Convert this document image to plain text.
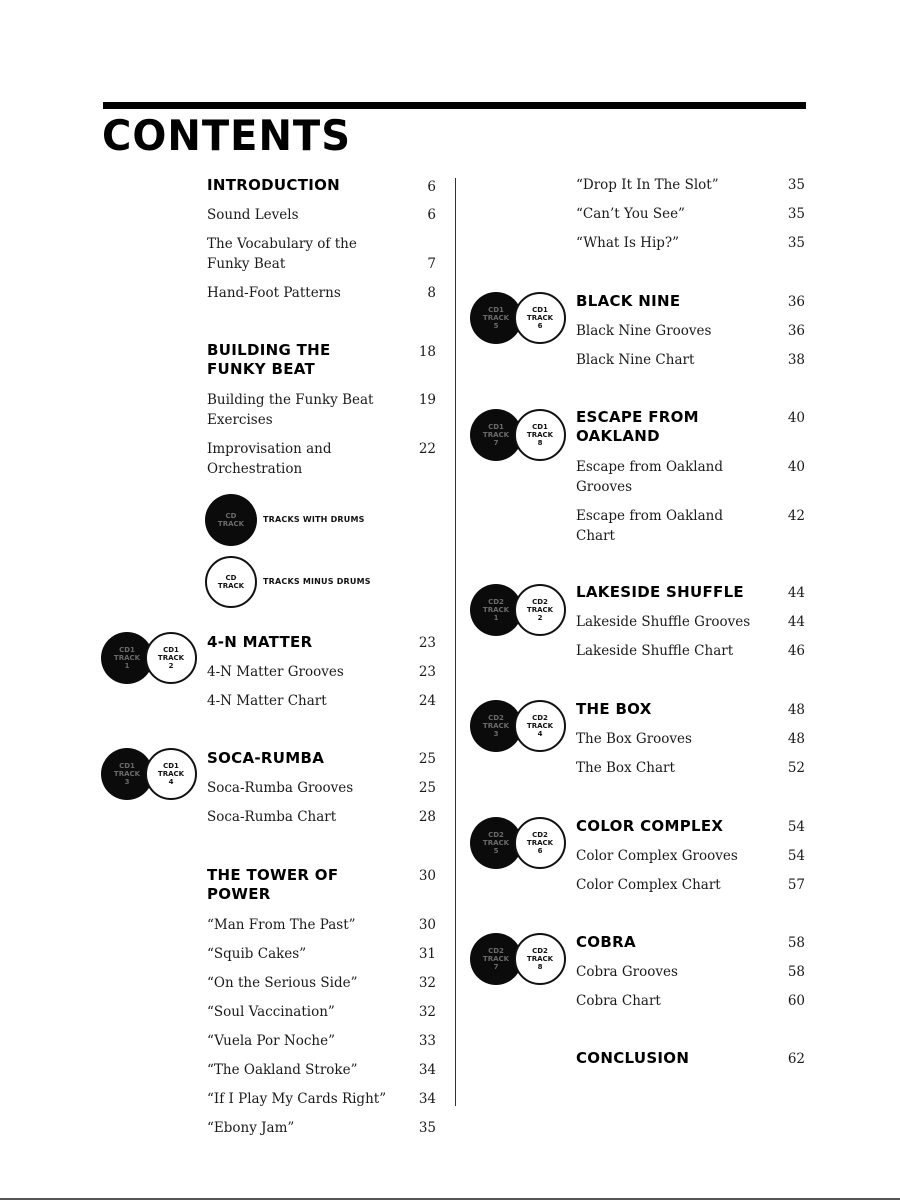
CONTENTS
INTRODUCTION	6
Sound Levels	6
The Vocabulary of the Funky Beat	7
Hand-Foot Patterns	8
BUILDING THE FUNKY BEAT
18
Building the Funky Beat Exercises
19
Improvisation and Orchestration
22
CD
TRACK	TRACKS WITH DRUMS
CD
TRACK	TRACKS MINUS DRUMS
CD1
TRACK
1
CD1
TRACK
2
4-N MATTER	23
4-N Matter Grooves	23
4-N Matter Chart	24
CD1
TRACK
3
CD1
TRACK
4
SOCA-RUMBA	25
Soca-Rumba Grooves	25
Soca-Rumba Chart	28
THE TOWER OF POWER
30
“Man From The Past”	30
“Squib Cakes”	31
“On the Serious Side”	32
“Soul Vaccination”	32
“Vuela Por Noche”	33
“The Oakland Stroke”	34
“If I Play My Cards Right”	34
“Ebony Jam”	35
“Drop It In The Slot”	35
“Can’t You See”	35
“What Is Hip?”	35
CD1
TRACK
5
CD1
TRACK
6
BLACK NINE	36
Black Nine Grooves	36
Black Nine Chart	38
CD1
TRACK
7
CD1
TRACK
8
ESCAPE FROM OAKLAND
40
Escape from Oakland Grooves
40
Escape from Oakland Chart
42
CD2
TRACK
1
CD2
TRACK
2
LAKESIDE SHUFFLE	44
Lakeside Shuffle Grooves	44
Lakeside Shuffle Chart	46
CD2
TRACK
3
CD2
TRACK
4
THE BOX	48
The Box Grooves	48
The Box Chart	52
CD2
TRACK
5
CD2
TRACK
6
COLOR COMPLEX	54
Color Complex Grooves	54
Color Complex Chart	57
CD2
TRACK
7
CD2
TRACK
8
COBRA	58
Cobra Grooves	58
Cobra Chart	60
CONCLUSION	62
